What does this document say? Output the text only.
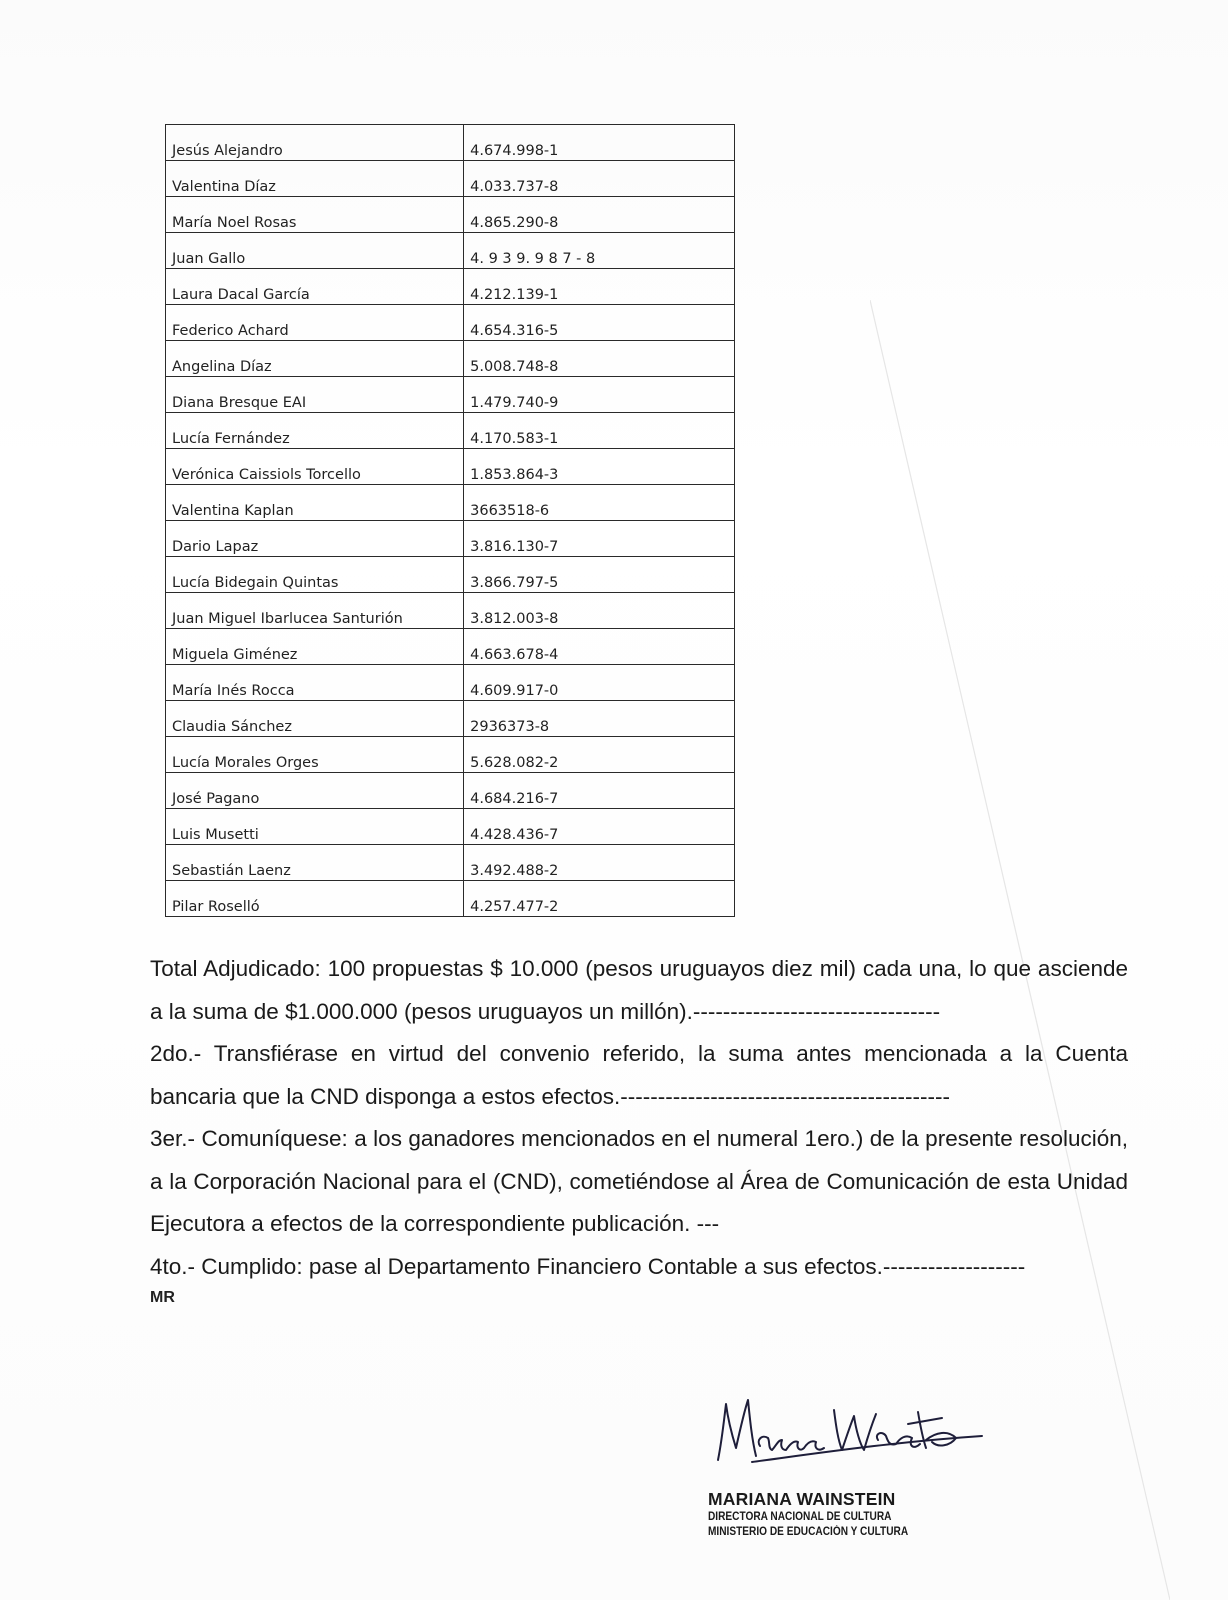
Jesús Alejandro	4.674.998-1
Valentina Díaz	4.033.737-8
María Noel Rosas	4.865.290-8
Juan Gallo	4. 9 3 9. 9 8 7 - 8
Laura Dacal García	4.212.139-1
Federico Achard	4.654.316-5
Angelina Díaz	5.008.748-8
Diana Bresque EAI	1.479.740-9
Lucía Fernández	4.170.583-1
Verónica Caissiols Torcello	1.853.864-3
Valentina Kaplan	3663518-6
Dario Lapaz	3.816.130-7
Lucía Bidegain Quintas	3.866.797-5
Juan Miguel Ibarlucea Santurión	3.812.003-8
Miguela Giménez	4.663.678-4
María Inés Rocca	4.609.917-0
Claudia Sánchez	2936373-8
Lucía Morales Orges	5.628.082-2
José Pagano	4.684.216-7
Luis Musetti	4.428.436-7
Sebastián Laenz	3.492.488-2
Pilar Roselló	4.257.477-2

Total Adjudicado: 100 propuestas $ 10.000 (pesos uruguayos diez mil) cada una, lo que asciende a la suma de $1.000.000 (pesos uruguayos un millón).---------------------------------

2do.- Transfiérase en virtud del convenio referido, la suma antes mencionada a la Cuenta bancaria que la CND disponga a estos efectos.--------------------------------------------

3er.- Comuníquese: a los ganadores mencionados en el numeral 1ero.) de la presente resolución, a la Corporación Nacional para el (CND), cometiéndose al Área de Comunicación de esta Unidad Ejecutora a efectos de la correspondiente publicación. ---

4to.- Cumplido: pase al Departamento Financiero Contable a sus efectos.-------------------

MR
MARIANA WAINSTEIN
DIRECTORA NACIONAL DE CULTURA
MINISTERIO DE EDUCACIÓN Y CULTURA
